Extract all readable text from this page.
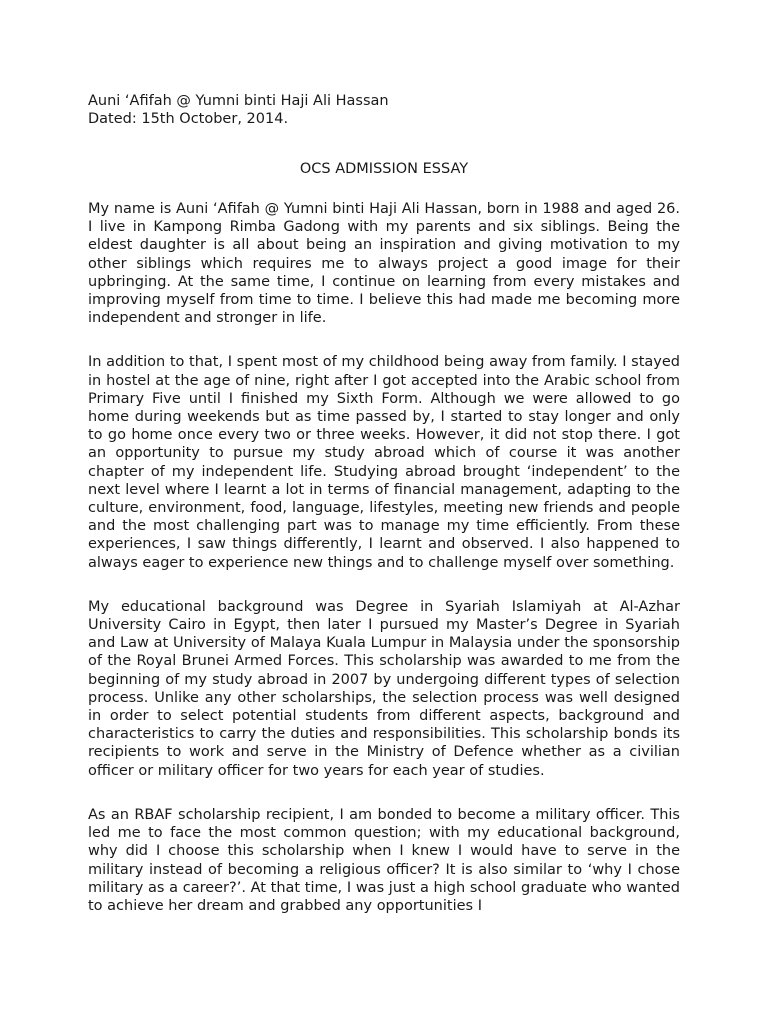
Auni ‘Afifah @ Yumni binti Haji Ali Hassan

Dated: 15th October, 2014.

OCS ADMISSION ESSAY

My name is Auni ‘Afifah @ Yumni binti Haji Ali Hassan, born in 1988 and aged 26. I live in Kampong Rimba Gadong with my parents and six siblings. Being the eldest daughter is all about being an inspiration and giving motivation to my other siblings which requires me to always project a good image for their upbringing. At the same time, I continue on learning from every mistakes and improving myself from time to time. I believe this had made me becoming more independent and stronger in life.

In addition to that, I spent most of my childhood being away from family. I stayed in hostel at the age of nine, right after I got accepted into the Arabic school from Primary Five until I finished my Sixth Form. Although we were allowed to go home during weekends but as time passed by, I started to stay longer and only to go home once every two or three weeks. However, it did not stop there. I got an opportunity to pursue my study abroad which of course it was another chapter of my independent life. Studying abroad brought ‘independent’ to the next level where I learnt a lot in terms of financial management, adapting to the culture, environment, food, language, lifestyles, meeting new friends and people and the most challenging part was to manage my time efficiently. From these experiences, I saw things differently, I learnt and observed. I also happened to always eager to experience new things and to challenge myself over something.

My educational background was Degree in Syariah Islamiyah at Al-Azhar University Cairo in Egypt, then later I pursued my Master’s Degree in Syariah and Law at University of Malaya Kuala Lumpur in Malaysia under the sponsorship of the Royal Brunei Armed Forces. This scholarship was awarded to me from the beginning of my study abroad in 2007 by undergoing different types of selection process. Unlike any other scholarships, the selection process was well designed in order to select potential students from different aspects, background and characteristics to carry the duties and responsibilities. This scholarship bonds its recipients to work and serve in the Ministry of Defence whether as a civilian officer or military officer for two years for each year of studies.

As an RBAF scholarship recipient, I am bonded to become a military officer. This led me to face the most common question; with my educational background, why did I choose this scholarship when I knew I would have to serve in the military instead of becoming a religious officer? It is also similar to ‘why I chose military as a career?’. At that time, I was just a high school graduate who wanted to achieve her dream and grabbed any opportunities I
